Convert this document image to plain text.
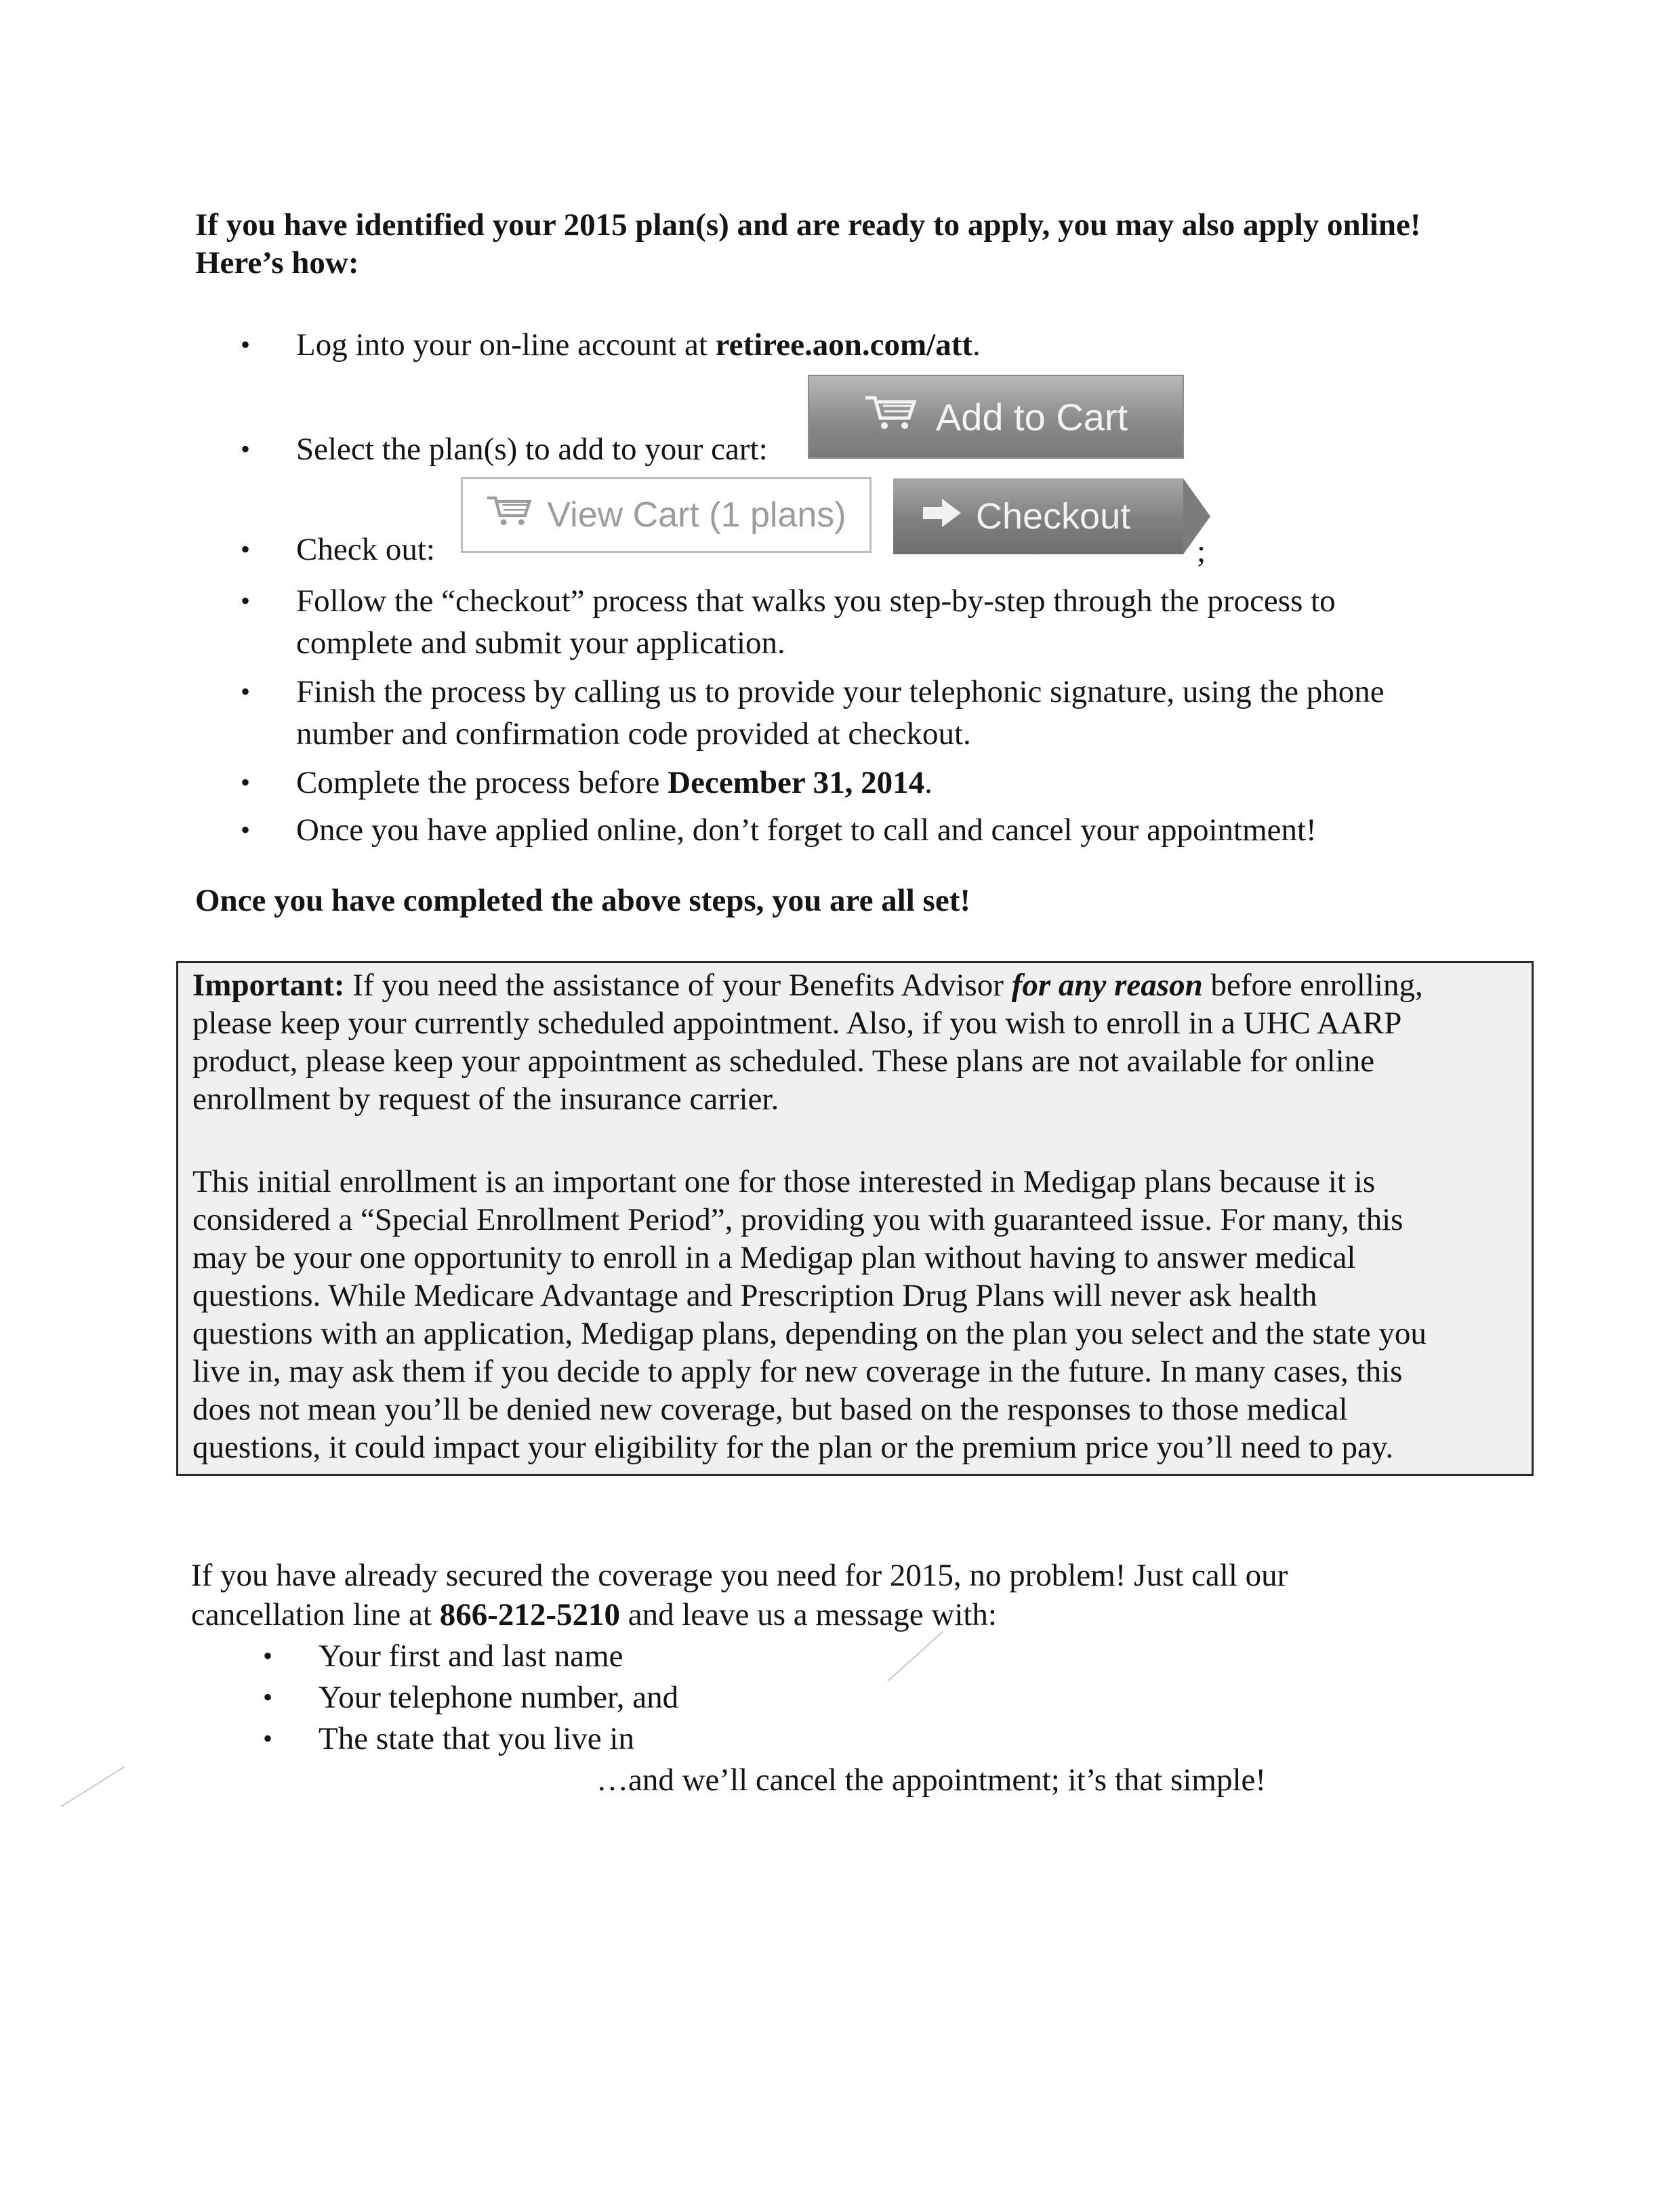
If you have identified your 2015 plan(s) and are ready to apply, you may also apply online!
Here’s how:
•	Log into your on-line account at retiree.aon.com/att.
•	Select the plan(s) to add to your cart:
Add to Cart
•	Check out:
View Cart (1 plans)	Checkout
;
•	Follow the “checkout” process that walks you step-by-step through the process to
complete and submit your application.
•	Finish the process by calling us to provide your telephonic signature, using the phone
number and confirmation code provided at checkout.
•	Complete the process before December 31, 2014.
•	Once you have applied online, don’t forget to call and cancel your appointment!
Once you have completed the above steps, you are all set!
Important: If you need the assistance of your Benefits Advisor for any reason before enrolling,
please keep your currently scheduled appointment. Also, if you wish to enroll in a UHC AARP
product, please keep your appointment as scheduled. These plans are not available for online
enrollment by request of the insurance carrier.
This initial enrollment is an important one for those interested in Medigap plans because it is
considered a “Special Enrollment Period”, providing you with guaranteed issue. For many, this
may be your one opportunity to enroll in a Medigap plan without having to answer medical
questions. While Medicare Advantage and Prescription Drug Plans will never ask health
questions with an application, Medigap plans, depending on the plan you select and the state you
live in, may ask them if you decide to apply for new coverage in the future. In many cases, this
does not mean you’ll be denied new coverage, but based on the responses to those medical
questions, it could impact your eligibility for the plan or the premium price you’ll need to pay.
If you have already secured the coverage you need for 2015, no problem! Just call our
cancellation line at 866-212-5210 and leave us a message with:
•	Your first and last name
•	Your telephone number, and
•	The state that you live in
…and we’ll cancel the appointment; it’s that simple!
